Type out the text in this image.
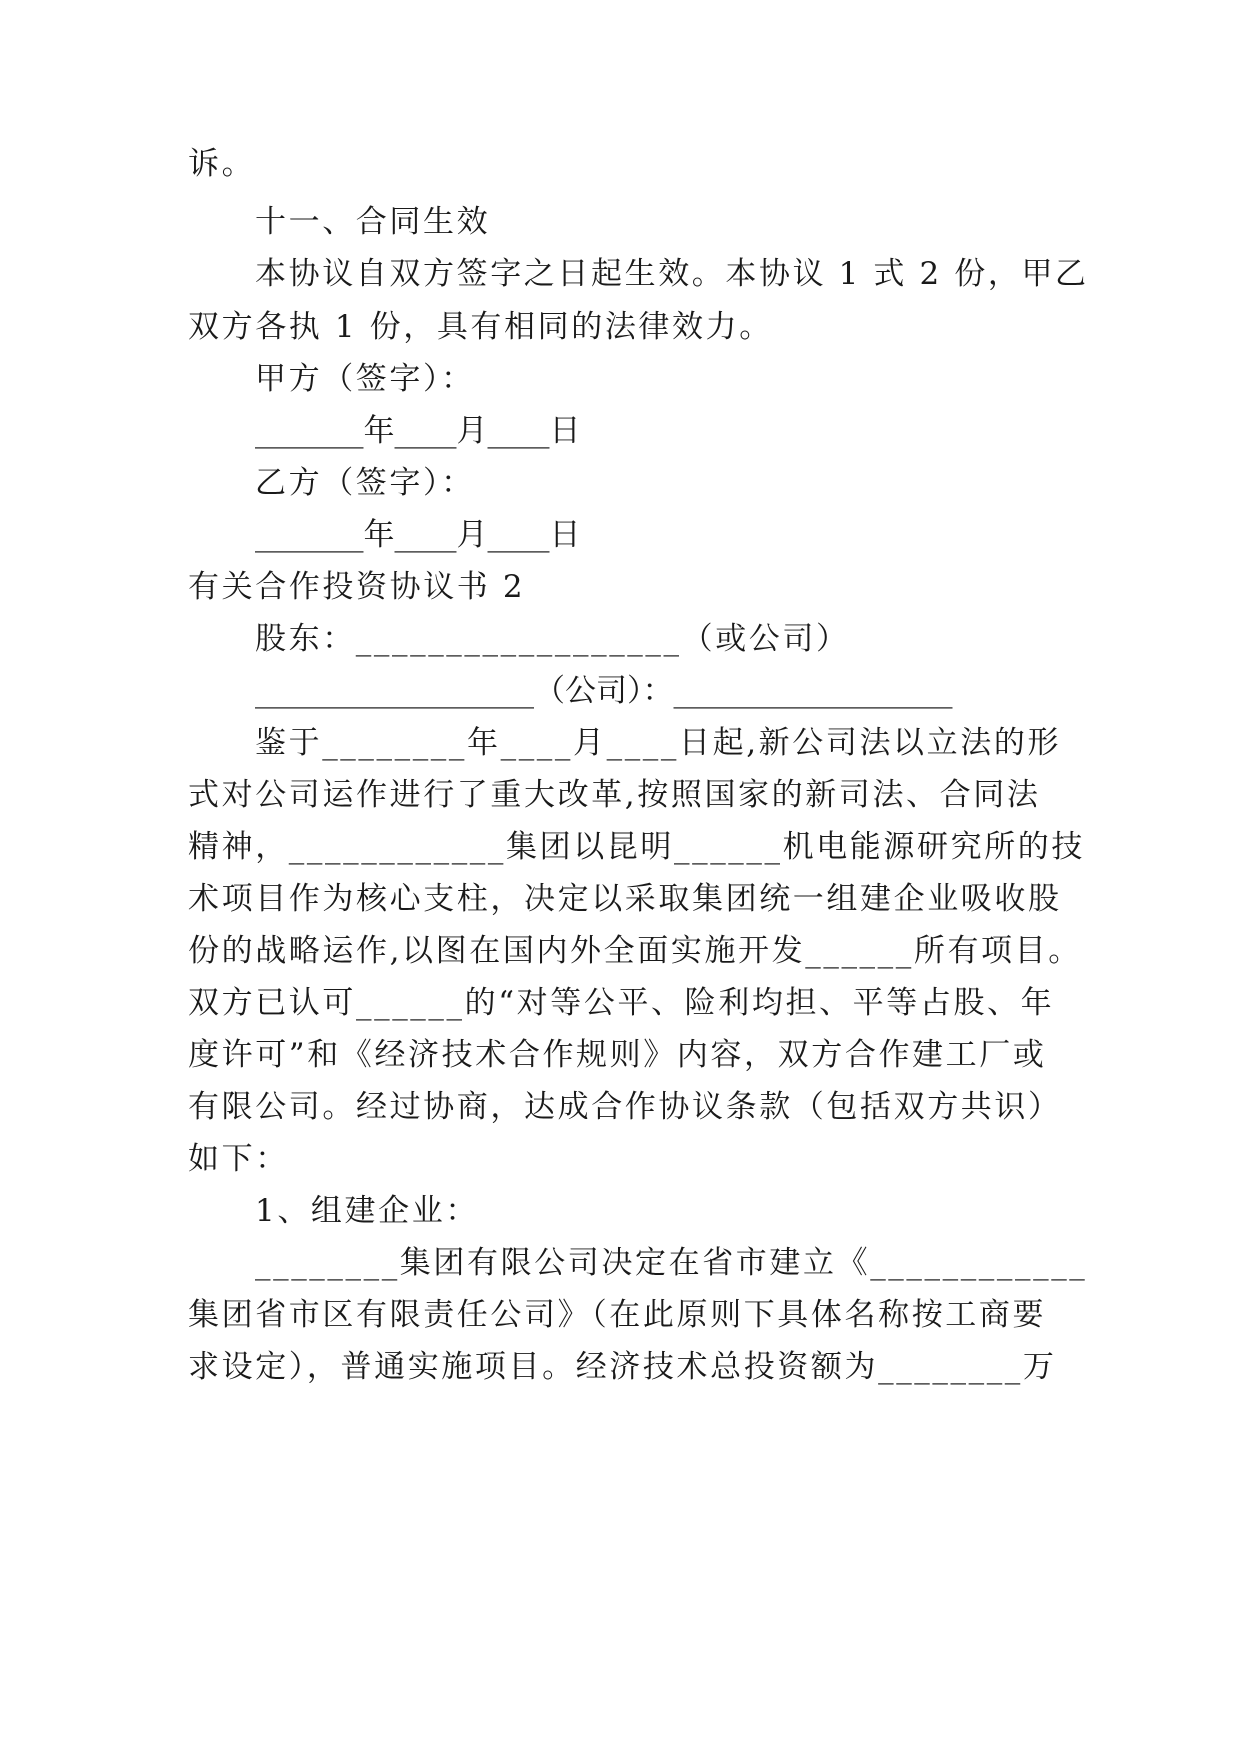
诉。
十一、合同生效
本协议自双方签字之日起生效。本协议 1 式 2 份，甲乙
双方各执 1 份，具有相同的法律效力。
甲方（签字）：
_______年____月____日
乙方（签字）：
_______年____月____日
有关合作投资协议书 2
股东：__________________（或公司）
__________________（公司）：__________________
鉴于________年____月____日起,新公司法以立法的形
式对公司运作进行了重大改革,按照国家的新司法、合同法
精神，____________集团以昆明______机电能源研究所的技
术项目作为核心支柱，决定以采取集团统一组建企业吸收股
份的战略运作,以图在国内外全面实施开发______所有项目。
双方已认可______的“对等公平、险利均担、平等占股、年
度许可”和《经济技术合作规则》内容，双方合作建工厂或
有限公司。经过协商，达成合作协议条款（包括双方共识）
如下：
1、组建企业：
________集团有限公司决定在省市建立《____________
集团省市区有限责任公司》（在此原则下具体名称按工商要
求设定），普通实施项目。经济技术总投资额为________万
